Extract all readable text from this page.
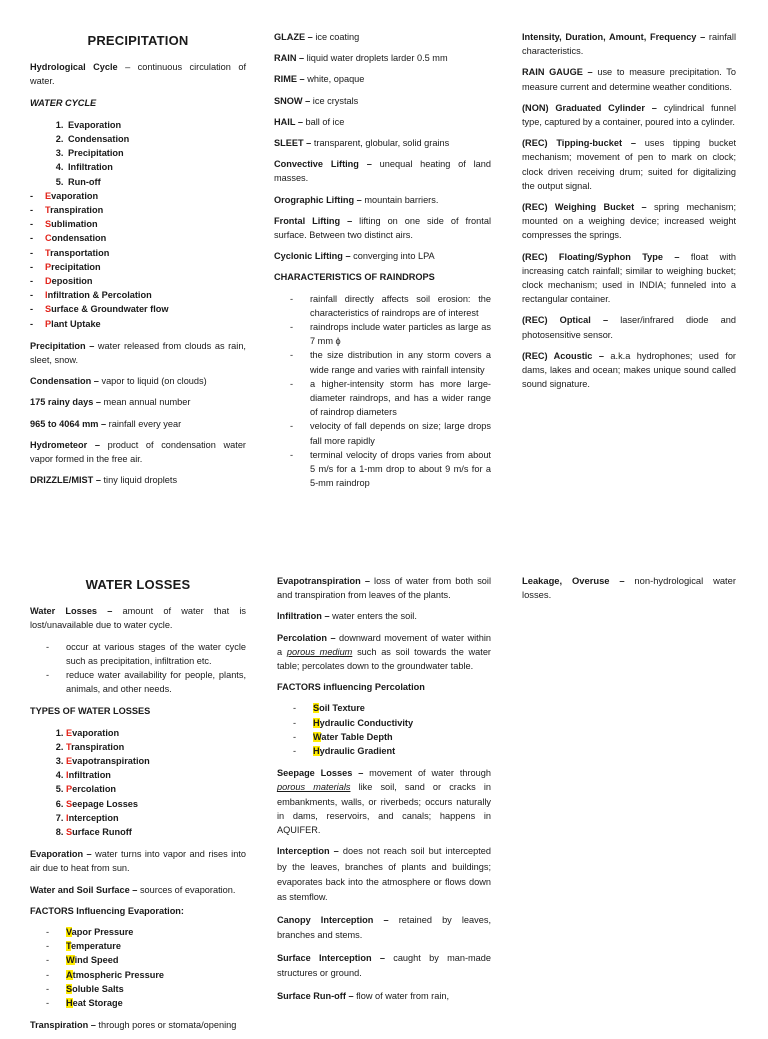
PRECIPITATION

Hydrological Cycle – continuous circulation of water.

WATER CYCLE

1. Evaporation
2. Condensation
3. Precipitation
4. Infiltration
5. Run-off
- Evaporation
- Transpiration
- Sublimation
- Condensation
- Transportation
- Precipitation
- Deposition
- Infiltration & Percolation
- Surface & Groundwater flow
- Plant Uptake

Precipitation – water released from clouds as rain, sleet, snow.

Condensation – vapor to liquid (on clouds)

175 rainy days – mean annual number

965 to 4064 mm – rainfall every year

Hydrometeor – product of condensation water vapor formed in the free air.

DRIZZLE/MIST – tiny liquid droplets

GLAZE – ice coating

RAIN – liquid water droplets larder 0.5 mm

RIME – white, opaque

SNOW – ice crystals

HAIL – ball of ice

SLEET – transparent, globular, solid grains

Convective Lifting – unequal heating of land masses.

Orographic Lifting – mountain barriers.

Frontal Lifting – lifting on one side of frontal surface. Between two distinct airs.

Cyclonic Lifting – converging into LPA

CHARACTERISTICS OF RAINDROPS

- rainfall directly affects soil erosion: the characteristics of raindrops are of interest
- raindrops include water particles as large as 7 mm ϕ
- the size distribution in any storm covers a wide range and varies with rainfall intensity
- a higher-intensity storm has more large-diameter raindrops, and has a wider range of raindrop diameters
- velocity of fall depends on size; large drops fall more rapidly
- terminal velocity of drops varies from about 5 m/s for a 1-mm drop to about 9 m/s for a 5-mm raindrop

Intensity, Duration, Amount, Frequency – rainfall characteristics.

RAIN GAUGE – use to measure precipitation. To measure current and determine weather conditions.

(NON) Graduated Cylinder – cylindrical funnel type, captured by a container, poured into a cylinder.

(REC) Tipping-bucket – uses tipping bucket mechanism; movement of pen to mark on clock; clock driven receiving drum; suited for digitalizing the output signal.

(REC) Weighing Bucket – spring mechanism; mounted on a weighing device; increased weight compresses the springs.

(REC) Floating/Syphon Type – float with increasing catch rainfall; similar to weighing bucket; clock mechanism; used in INDIA; funneled into a rectangular container.

(REC) Optical – laser/infrared diode and photosensitive sensor.

(REC) Acoustic – a.k.a hydrophones; used for dams, lakes and ocean; makes unique sound called sound signature.

WATER LOSSES

Water Losses – amount of water that is lost/unavailable due to water cycle.

- occur at various stages of the water cycle such as precipitation, infiltration etc.
- reduce water availability for people, plants, animals, and other needs.

TYPES OF WATER LOSSES

1. Evaporation
2. Transpiration
3. Evapotranspiration
4. Infiltration
5. Percolation
6. Seepage Losses
7. Interception
8. Surface Runoff

Evaporation – water turns into vapor and rises into air due to heat from sun.

Water and Soil Surface – sources of evaporation.

FACTORS Influencing Evaporation:

- Vapor Pressure
- Temperature
- Wind Speed
- Atmospheric Pressure
- Soluble Salts
- Heat Storage

Transpiration – through pores or stomata/opening

Evapotranspiration – loss of water from both soil and transpiration from leaves of the plants.

Infiltration – water enters the soil.

Percolation – downward movement of water within a porous medium such as soil towards the water table; percolates down to the groundwater table.

FACTORS influencing Percolation

- Soil Texture
- Hydraulic Conductivity
- Water Table Depth
- Hydraulic Gradient

Seepage Losses – movement of water through porous materials like soil, sand or cracks in embankments, walls, or riverbeds; occurs naturally in dams, reservoirs, and canals; happens in AQUIFER.

Interception – does not reach soil but intercepted by the leaves, branches of plants and buildings; evaporates back into the atmosphere or flows down as stemflow.

Canopy Interception – retained by leaves, branches and stems.

Surface Interception – caught by man-made structures or ground.

Surface Run-off – flow of water from rain,

Leakage, Overuse – non-hydrological water losses.
